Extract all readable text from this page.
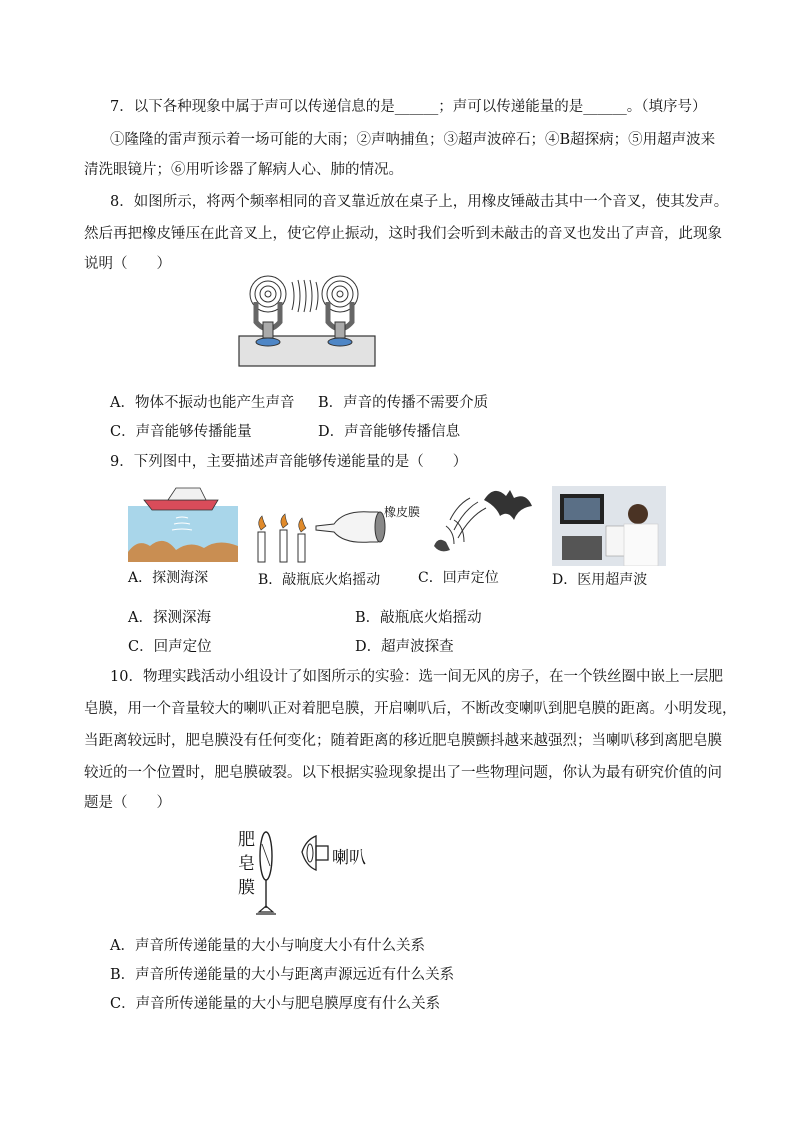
7．以下各种现象中属于声可以传递信息的是______；声可以传递能量的是______。（填序号）
①隆隆的雷声预示着一场可能的大雨；②声呐捕鱼；③超声波碎石；④B超探病；⑤用超声波来
清洗眼镜片；⑥用听诊器了解病人心、肺的情况。
8．如图所示，将两个频率相同的音叉靠近放在桌子上，用橡皮锤敲击其中一个音叉，使其发声。
然后再把橡皮锤压在此音叉上，使它停止振动，这时我们会听到未敲击的音叉也发出了声音，此现象
说明（　　）
A．物体不振动也能产生声音 B．声音的传播不需要介质
C．声音能够传播能量	D．声音能够传播信息
9．下列图中，主要描述声音能够传递能量的是（　　）
A．探测海深
橡皮膜
B．敲瓶底火焰摇动	C．回声定位	D．医用超声波
A．探测深海	B．敲瓶底火焰摇动
C．回声定位	D．超声波探查
10．物理实践活动小组设计了如图所示的实验：选一间无风的房子，在一个铁丝圈中嵌上一层肥
皂膜，用一个音量较大的喇叭正对着肥皂膜，开启喇叭后，不断改变喇叭到肥皂膜的距离。小明发现，
当距离较远时，肥皂膜没有任何变化；随着距离的移近肥皂膜颤抖越来越强烈；当喇叭移到离肥皂膜
较近的一个位置时，肥皂膜破裂。以下根据实验现象提出了一些物理问题，你认为最有研究价值的问
题是（　　）
肥皂膜
喇叭
A．声音所传递能量的大小与响度大小有什么关系
B．声音所传递能量的大小与距离声源远近有什么关系
C．声音所传递能量的大小与肥皂膜厚度有什么关系
